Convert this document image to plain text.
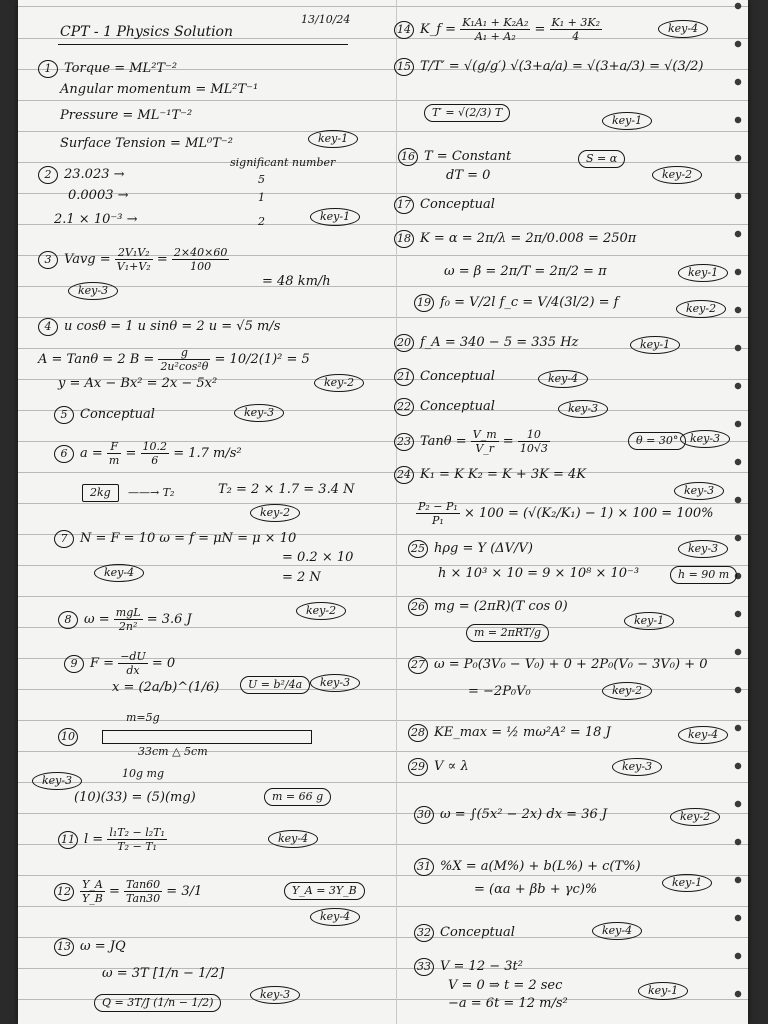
CPT - 1 Physics Solution
13/10/24
1 Torque = ML²T⁻²
Angular momentum = ML²T⁻¹
Pressure = ML⁻¹T⁻²
Surface Tension = ML⁰T⁻²	key-1
significant number
2 23.023 →	5
0.0003 →	1
2.1 × 10⁻³ →	2	key-1
3 Vavg = $\frac{\text{2V₁V₂}}{\text{V₁+V₂}} = \frac{2\times 40\times 60}{100}$
= 48 km/h
key-3
4 u cosθ = 1 u sinθ = 2 u = √5 m/s
A = Tanθ = 2 $B = \frac{g}{\text{2u²cos²θ}} = 10/2(1)^2 = 5$
y = Ax − Bx² = 2x − 5x²	key-2
5 Conceptual	key-3
6 $a = \frac{F}{m} = \frac{10.2}{6} = 1.7$ m/s²
2kg	——→ T₂	T₂ = 2 × 1.7 = 3.4 N
key-2
7 N = F = 10 ω = f = μN = μ × 10
= 0.2 × 10
= 2 N
key-4
8 $\omega = \frac{\text{mgL}}{\text{2n²}} = 3.6$ J
key-2
9 $F = \frac{-dU}{dx} = 0$
x = (2a/b)^(1/6)	U = b²/4a	key-3
m=5g
10
33cm △ 5cm
10g mg
key-3
(10)(33) = (5)(mg)	m = 66 g
11 $l = \frac{\text{l₁T₂ − l₂T₁}}{\text{T₂ − T₁}}$	key-4
$12 \frac{Y\_A}{Y\_B} = \frac{\text{Tan60}}{\text{Tan30}} = 3/1$	Y_A = 3Y_B
key-4
13 ω = JQ
ω = 3T [1/n − 1/2]
Q = 3T/J (1/n − 1/2)
key-3
14 K_f = $\frac{\text{K₁A₁ + K₂A₂}}{\text{A₁ + A₂}} = \frac{\text{K₁ + 3K₂}}{4}$	key-4
15 T/T′ = √(g/g′) √(3+a/a) = √(3+a/3) = √(3/2)
T′ = √(2/3) T
key-1
16 T = Constant
dT = 0
S = α
key-2
17 Conceptual
18 K = α = 2π/λ = 2π/0.008 = 250π
ω = β = 2π/T = 2π/2 = π	key-1
19 f₀ = V/2l f_c = V/4(3l/2) = f	key-2
20 f_A = 340 − 5 = 335 Hz	key-1
21 Conceptual	key-4
22 Conceptual	key-3
23 $Tan\theta = \frac{V\_m}{V\_r} = \frac{10}{10√3}$	θ = 30°	key-3
24 K₁ = K K₂ = K + 3K = 4K
key-3
$\frac{\text{P₂ − P₁}}{\text{P₁}} \times 100 = (√(K_2/K_1) - 1) \times 100 = 100\%$
25 hρg = Y (ΔV/V)	key-3
h × 10³ × 10 = 9 × 10⁸ × 10⁻³	h = 90 m
26 mg = (2πR)(T cos 0)
key-1
m = 2πRT/g
27 ω = P₀(3V₀ − V₀) + 0 + 2P₀(V₀ − 3V₀) + 0
= −2P₀V₀	key-2
28 KE_max = ½ mω²A² = 18 J	key-4
29 V ∝ λ	key-3
30 ω = ∫(5x² − 2x) dx = 36 J	key-2
31 %X = a(M%) + b(L%) + c(T%)
= (αa + βb + γc)%	key-1
32 Conceptual	key-4
33 V = 12 − 3t²
V = 0 ⇒ t = 2 sec
−a = 6t = 12 m/s²
key-1
